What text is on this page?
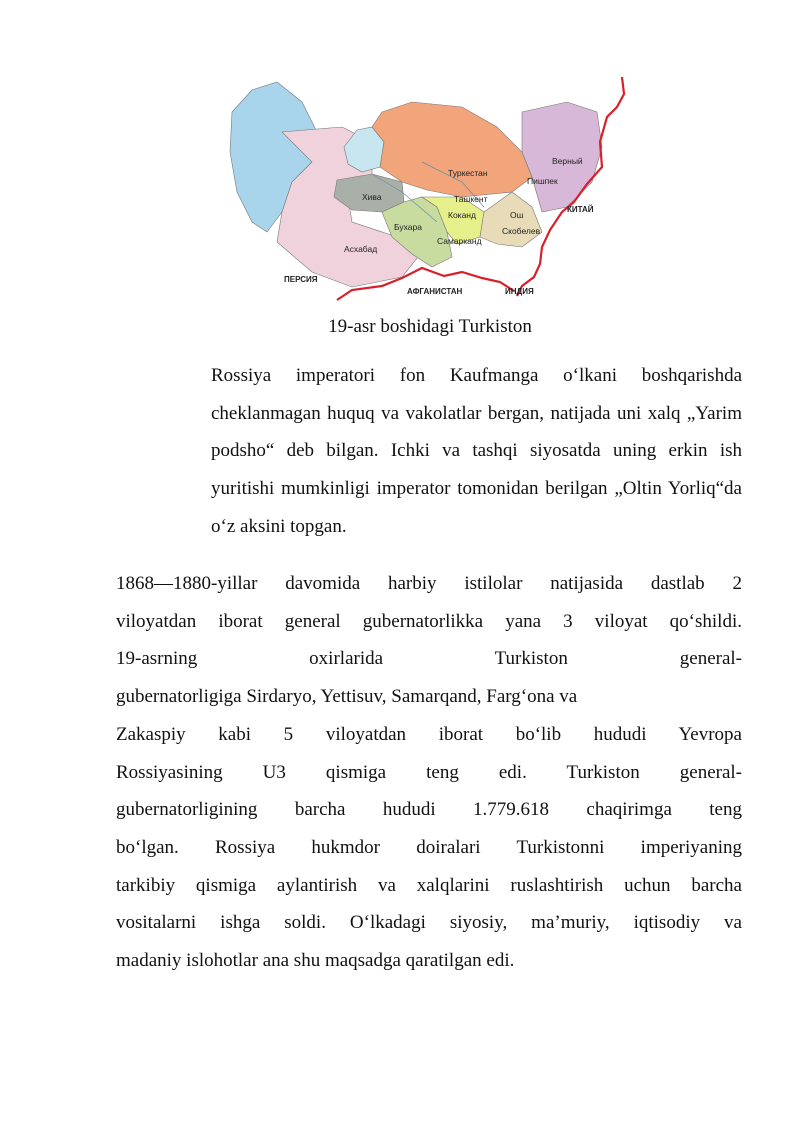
ПЕРСИЯ
АФГАНИСТАН	ИНДИЯ
КИТАЙ
Хива
Туркестан
Верный
Пишпек
Ташкент
Коканд	Ош
Бухара
Самарканд
Асхабад
Скобелев
19-asr boshidagi Turkiston
Rossiya imperatori fon Kaufmanga o‘lkani boshqarishda
cheklanmagan huquq va vakolatlar bergan, natijada uni xalq „Yarim
podsho“ deb bilgan. Ichki va tashqi siyosatda uning erkin ish
yuritishi mumkinligi imperator tomonidan berilgan „Oltin Yorliq“da
o‘z aksini topgan.
1868—1880-yillar davomida harbiy istilolar natijasida dastlab 2
viloyatdan iborat general gubernatorlikka yana 3 viloyat qo‘shildi.
19-asrning oxirlarida Turkiston general-
gubernatorligiga Sirdaryo, Yettisuv, Samarqand, Farg‘ona va
Zakaspiy kabi 5 viloyatdan iborat bo‘lib hududi Yevropa
Rossiyasining U3 qismiga teng edi. Turkiston general-
gubernatorligining barcha hududi 1.779.618 chaqirimga teng
bo‘lgan. Rossiya hukmdor doiralari Turkistonni imperiyaning
tarkibiy qismiga aylantirish va xalqlarini ruslashtirish uchun barcha
vositalarni ishga soldi. O‘lkadagi siyosiy, ma’muriy, iqtisodiy va
madaniy islohotlar ana shu maqsadga qaratilgan edi.
